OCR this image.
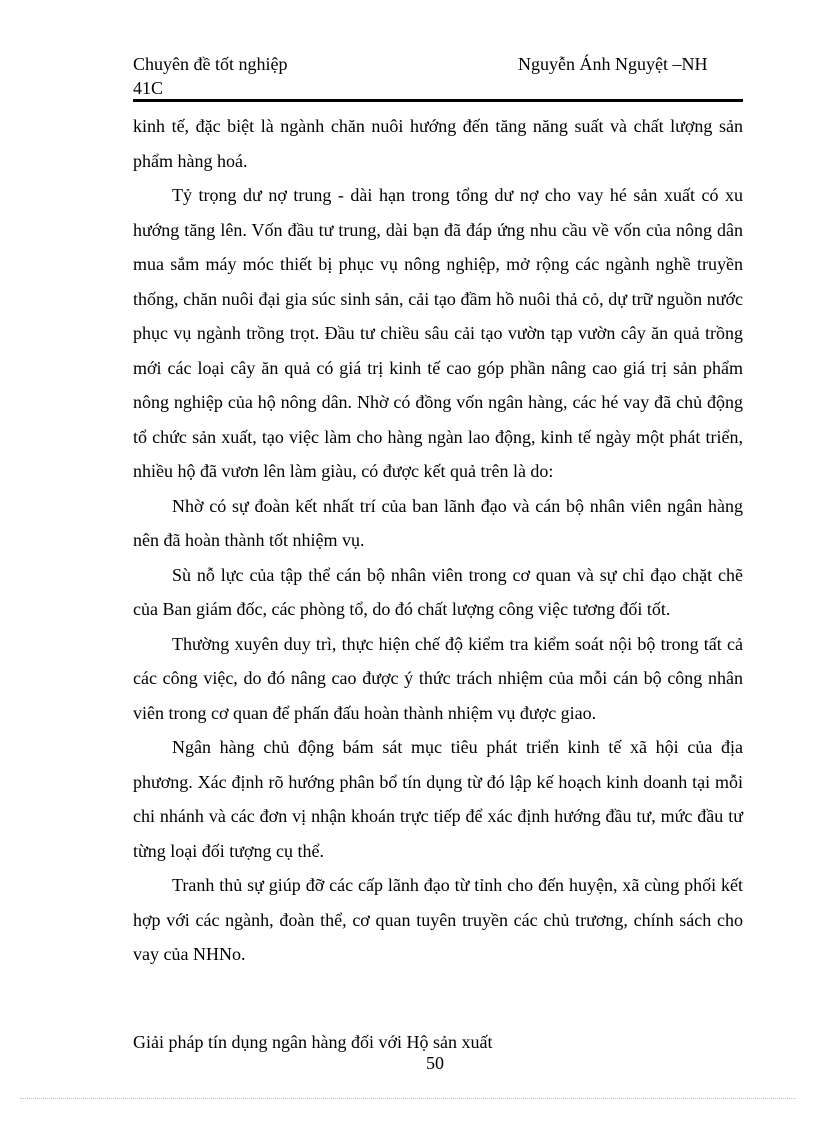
Chuyên đề tốt nghiệp	Nguyễn Ánh Nguyệt –NH
41C

kinh tế, đặc biệt là ngành chăn nuôi hướng đến tăng năng suất và chất lượng sản phẩm hàng hoá.

Tỷ trọng dư nợ trung - dài hạn trong tổng dư nợ cho vay hé sản xuất có xu hướng tăng lên. Vốn đầu tư trung, dài bạn đã đáp ứng nhu cầu về vốn của nông dân mua sắm máy móc thiết bị phục vụ nông nghiệp, mở rộng các ngành nghề truyền thống, chăn nuôi đại gia súc sinh sản, cải tạo đầm hồ nuôi thả cỏ, dự trữ nguồn nước phục vụ ngành trồng trọt. Đầu tư chiều sâu cải tạo vườn tạp vườn cây ăn quả trồng mới các loại cây ăn quả có giá trị kinh tế cao góp phần nâng cao giá trị sản phẩm nông nghiệp của hộ nông dân. Nhờ có đồng vốn ngân hàng, các hé vay đã chủ động tổ chức sản xuất, tạo việc làm cho hàng ngàn lao động, kinh tế ngày một phát triển, nhiều hộ đã vươn lên làm giàu, có được kết quả trên là do:

Nhờ có sự đoàn kết nhất trí của ban lãnh đạo và cán bộ nhân viên ngân hàng nên đã hoàn thành tốt nhiệm vụ.

Sù nỗ lực của tập thể cán bộ nhân viên trong cơ quan và sự chỉ đạo chặt chẽ của Ban giám đốc, các phòng tổ, do đó chất lượng công việc tương đối tốt.

Thường xuyên duy trì, thực hiện chế độ kiểm tra kiểm soát nội bộ trong tất cả các công việc, do đó nâng cao được ý thức trách nhiệm của mỗi cán bộ công nhân viên trong cơ quan để phấn đấu hoàn thành nhiệm vụ được giao.

Ngân hàng chủ động bám sát mục tiêu phát triển kinh tế xã hội của địa phương. Xác định rõ hướng phân bổ tín dụng từ đó lập kế hoạch kinh doanh tại mỗi chi nhánh và các đơn vị nhận khoán trực tiếp để xác định hướng đầu tư, mức đầu tư từng loại đối tượng cụ thể.

Tranh thủ sự giúp đỡ các cấp lãnh đạo từ tỉnh cho đến huyện, xã cùng phối kết hợp với các ngành, đoàn thể, cơ quan tuyên truyền các chủ trương, chính sách cho vay của NHNo.

Giải pháp tín dụng ngân hàng đối với Hộ sản xuất
50
